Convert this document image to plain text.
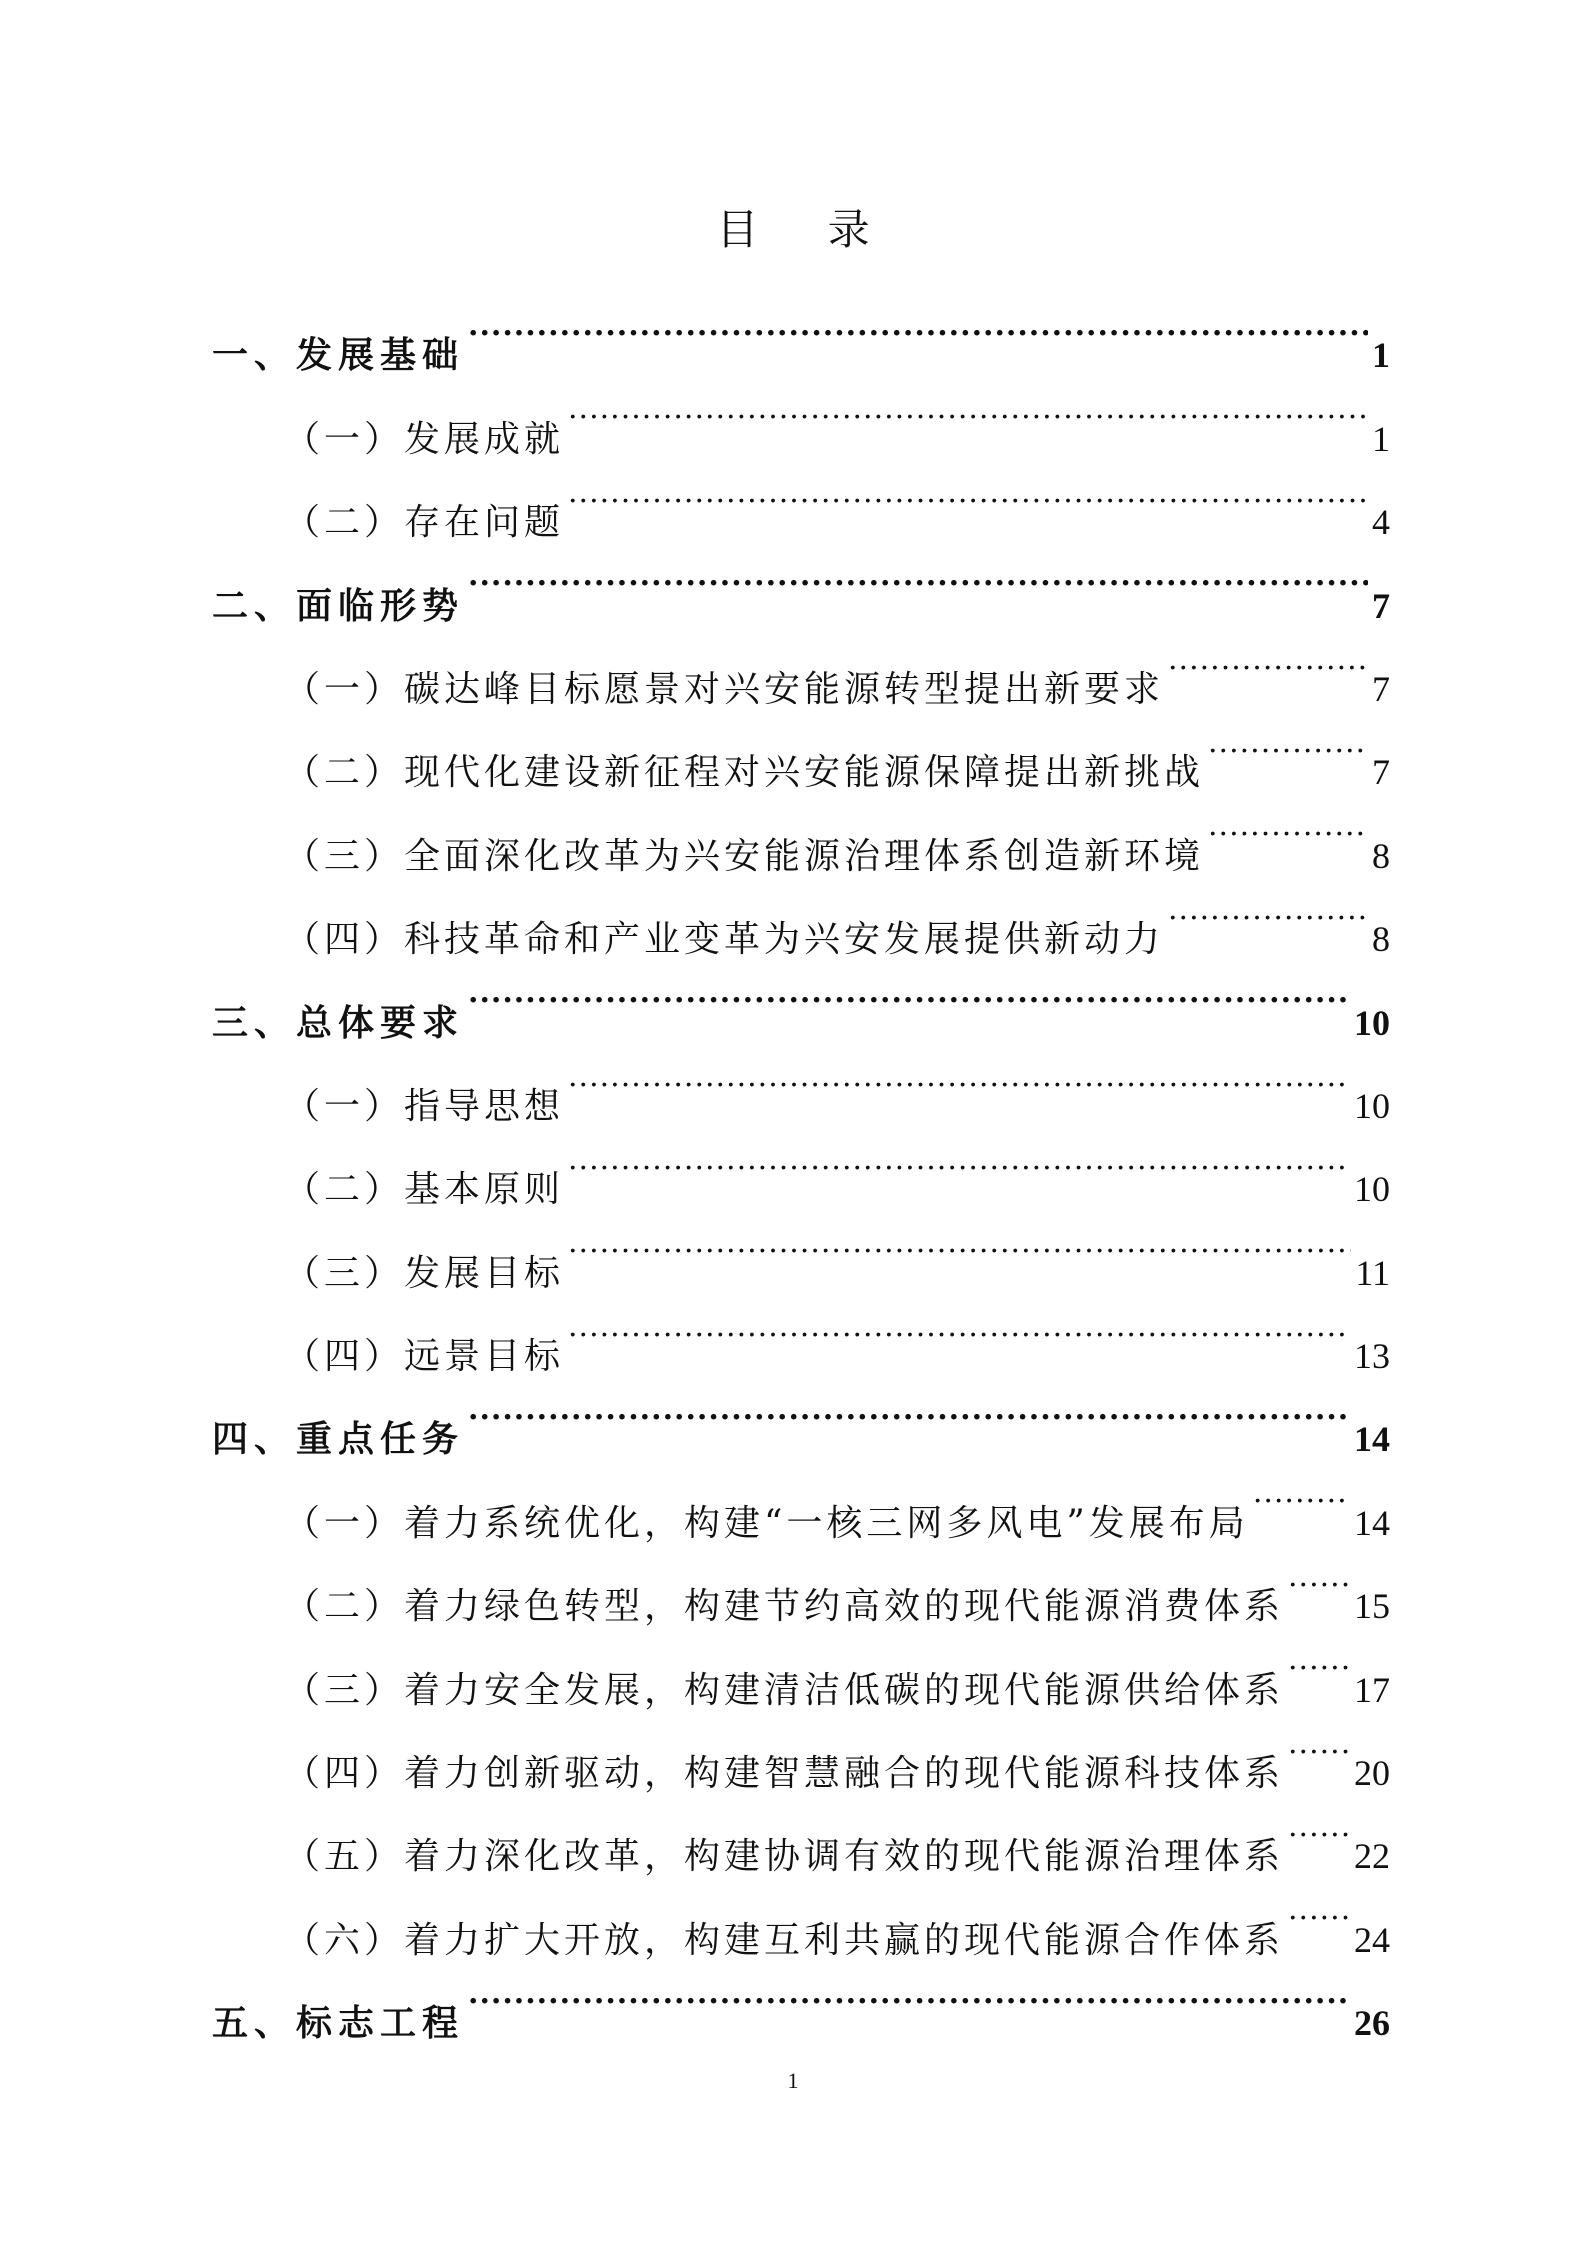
目 录
一、发展基础 .....	1
（一）发展成就 .....	1
（二）存在问题 .....	4
二、面临形势 .....	7
（一）碳达峰目标愿景对兴安能源转型提出新要求 .....	7
（二）现代化建设新征程对兴安能源保障提出新挑战 .....	7
（三）全面深化改革为兴安能源治理体系创造新环境 .....	8
（四）科技革命和产业变革为兴安发展提供新动力 .....	8
三、总体要求 .....	10
（一）指导思想 .....	10
（二）基本原则 .....	10
（三）发展目标 .....	11
（四）远景目标 .....	13
四、重点任务 .....	14
（一）着力系统优化，构建“一核三网多风电”发展布局 .....	14
（二）着力绿色转型，构建节约高效的现代能源消费体系 ..... 15
（三）着力安全发展，构建清洁低碳的现代能源供给体系 ..... 17
（四）着力创新驱动，构建智慧融合的现代能源科技体系 ..... 20
（五）着力深化改革，构建协调有效的现代能源治理体系 ..... 22
（六）着力扩大开放，构建互利共赢的现代能源合作体系 ..... 24
五、标志工程 .....	26
1
